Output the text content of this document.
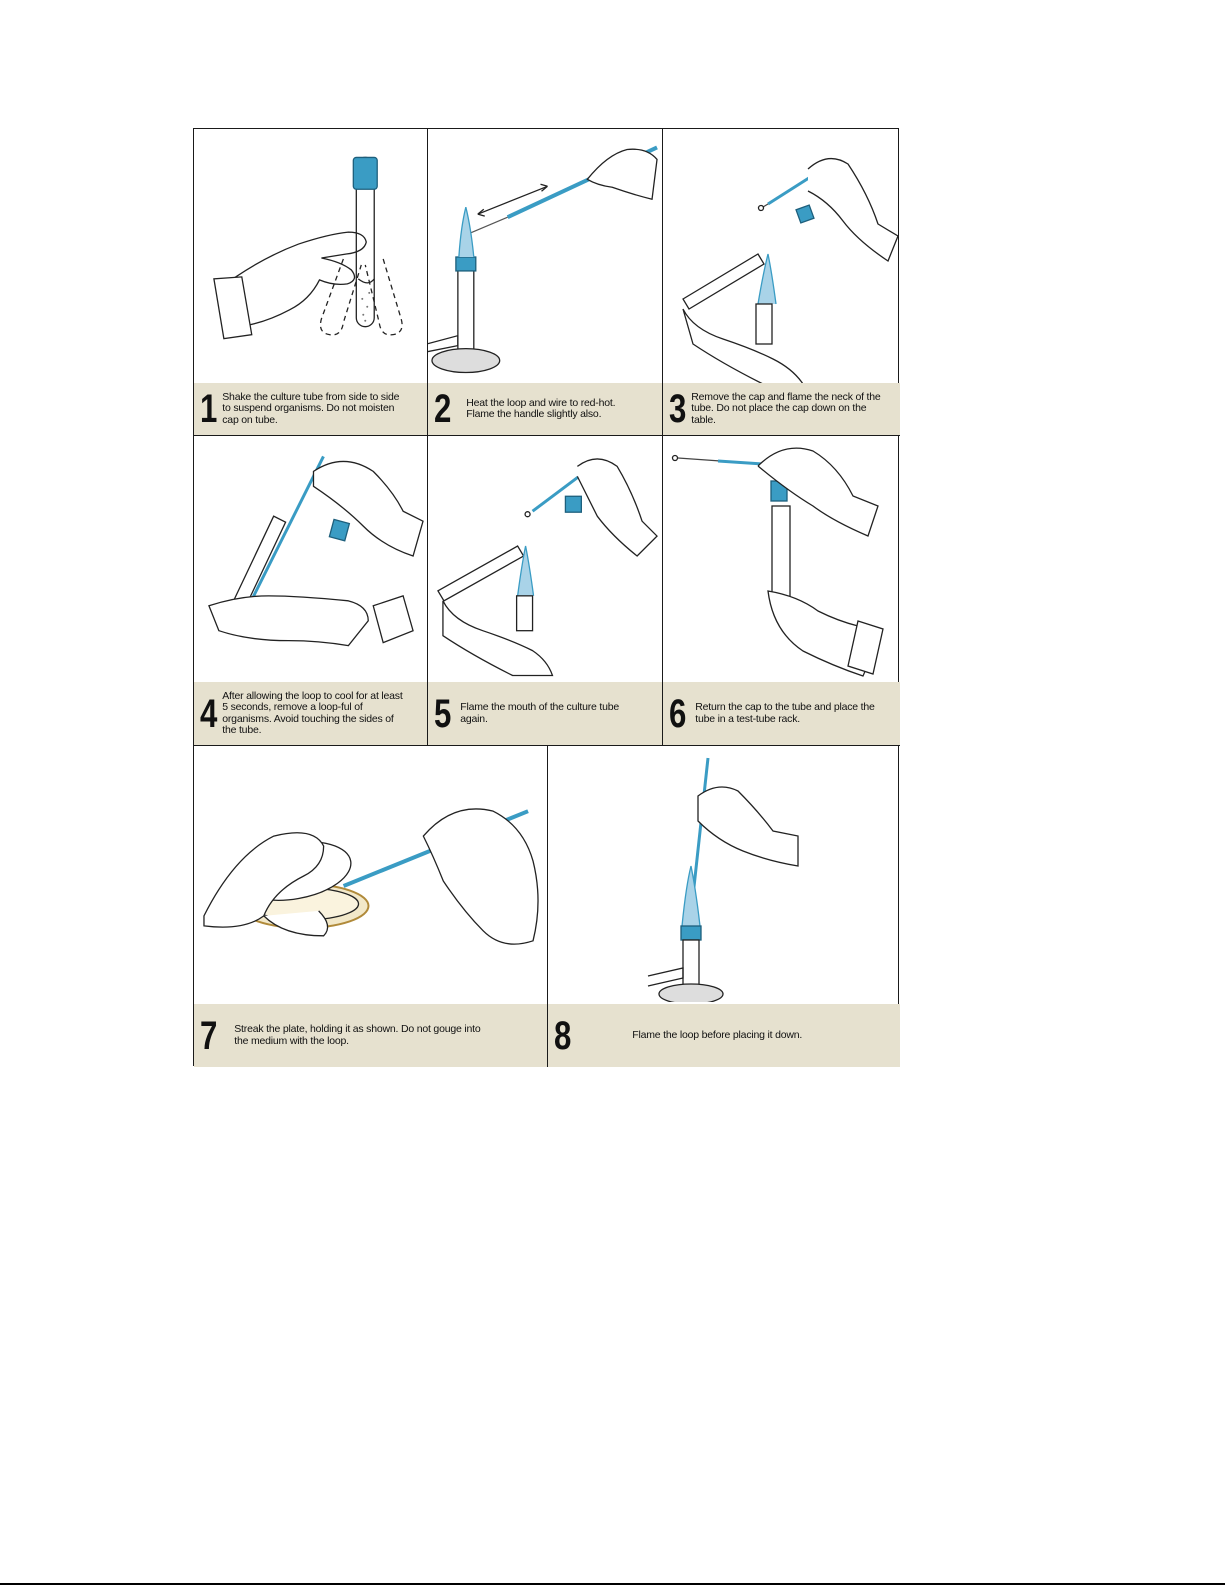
1 Shake the culture tube from side to side to suspend organisms. Do not moisten cap on tube.	2 Heat the loop and wire to red-hot. Flame the handle slightly also.	3 Remove the cap and flame the neck of the tube. Do not place the cap down on the table.
4 After allowing the loop to cool for at least 5 seconds, remove a loop-ful of organisms. Avoid touching the sides of the tube.	5 Flame the mouth of the culture tube again.	6 Return the cap to the tube and place the tube in a test-tube rack.
7 Streak the plate, holding it as shown. Do not gouge into the medium with the loop.	8	Flame the loop before placing it down.
